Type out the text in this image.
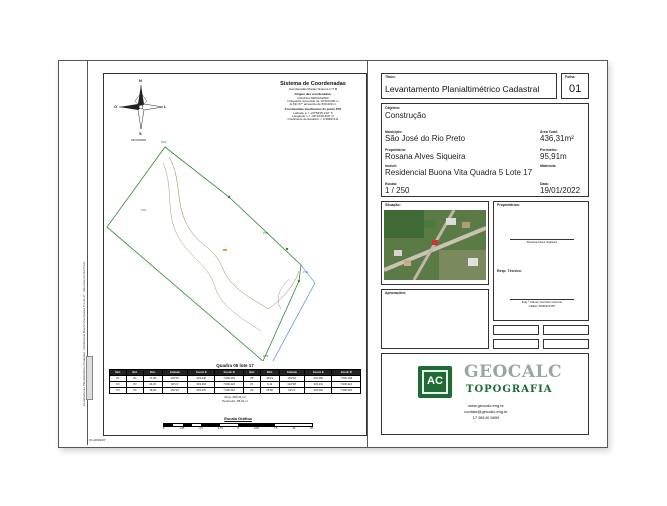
Levantamento Planialtimétrico Cadastral - Residencial Buona Vita Quadra 5 Lote 17 - São José do Rio Preto
N
S
L
O
01/10/2006
Sistema de Coordenadas
Coordenadas Planas Sistema U T M
Origem das coordenadas:
Cilindrica SIRGAS2000
N Equador acrescido de 10.000.000 m
E MC 57° acrescido de 500.000 m
Coordenadas Geodésicas do ponto P01
Latitude φ = -20°52'05.210" S
Longitude λ = -49°19'26.819" O
Coeficiente de Escala K = 0,99997411
P01
P02
P03
P04
P05
Quadra 05 lote 17
Vert.	Vert.	Dist.	Azimute	Coord. E	Coord. N	Vert.	Dist.	Azimute	Coord. E	Coord. N
P1	P2	17,48	334°10'	633.240	7.690.215	P5	18,21	154°02'	633.256	7.690.198
P2	P3	24,30	64°21'	633.262	7.690.226	P1	6,12	244°38'	633.241	7.690.214
P3	P4	18,09	154°10'	633.270	7.690.210	P2	25,80	64°21'	633.262	7.690.226
Área: 436,31 m²
Perímetro: 95,91 m
Escala Gráfica
0	1,25	2,5	3,75	5	6,25	7,5	10	20
V1-20/01/07
Título:
Levantamento Planialtimétrico Cadastral
Folha:
01
Objetivo:
Construção
Município:
São José do Rio Preto
Área Total:
436,31m²
Proprietário:
Rosana Alves Siqueira
Perímetro:
95,91m
Imóvel:
Residencial Buona Vita Quadra 5 Lote 17
Matrícula:
Escala:
1 / 250
Data:
19/01/2022
Situação:	Proprietários:
Rosana Alves Siqueira
Resp. Técnico:
Eng.º Cilmar Cornélio Cartorio
CREA: 5060327287
Aprovações:
AC	GEOCALC
TOPOGRAFIA
www.geocalc.eng.br
contato@geocalc.eng.br
17 98140 5659
